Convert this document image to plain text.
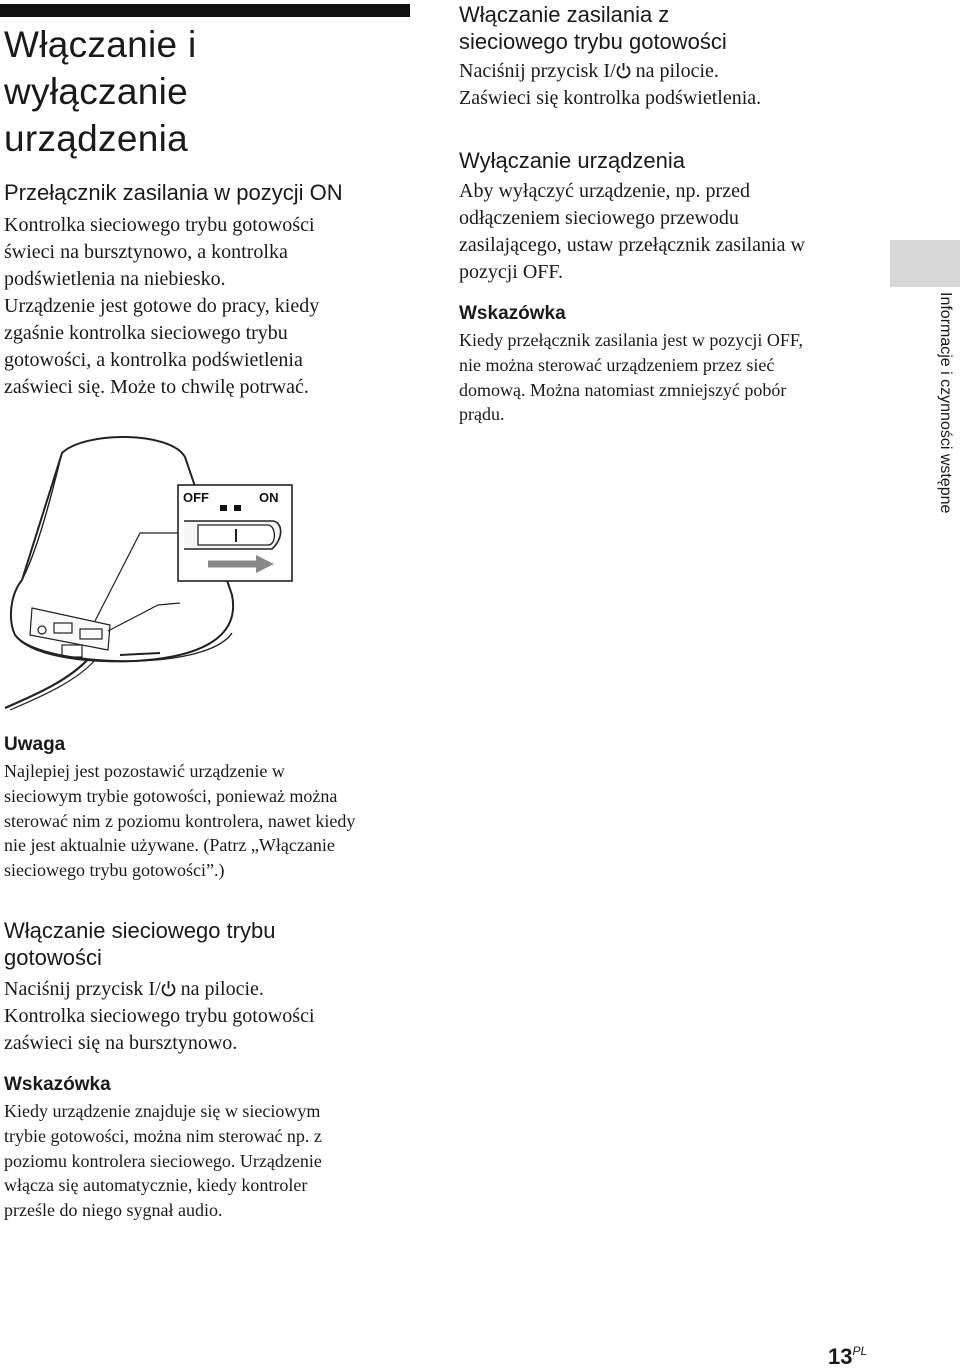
Włączanie i
wyłączanie
urządzenia
Przełącznik zasilania w pozycji ON
Kontrolka sieciowego trybu gotowości
świeci na bursztynowo, a kontrolka
podświetlenia na niebiesko.
Urządzenie jest gotowe do pracy, kiedy
zgaśnie kontrolka sieciowego trybu
gotowości, a kontrolka podświetlenia
zaświeci się. Może to chwilę potrwać.
OFF	ON
Uwaga
Najlepiej jest pozostawić urządzenie w
sieciowym trybie gotowości, ponieważ można
sterować nim z poziomu kontrolera, nawet kiedy
nie jest aktualnie używane. (Patrz „Włączanie
sieciowego trybu gotowości”.)
Włączanie sieciowego trybu
gotowości
Naciśnij przycisk I/ na pilocie.
Kontrolka sieciowego trybu gotowości
zaświeci się na bursztynowo.
Wskazówka
Kiedy urządzenie znajduje się w sieciowym
trybie gotowości, można nim sterować np. z
poziomu kontrolera sieciowego. Urządzenie
włącza się automatycznie, kiedy kontroler
prześle do niego sygnał audio.
Włączanie zasilania z
sieciowego trybu gotowości
Naciśnij przycisk I/ na pilocie.
Zaświeci się kontrolka podświetlenia.
Wyłączanie urządzenia
Aby wyłączyć urządzenie, np. przed
odłączeniem sieciowego przewodu
zasilającego, ustaw przełącznik zasilania w
pozycji OFF.
Wskazówka
Kiedy przełącznik zasilania jest w pozycji OFF,
nie można sterować urządzeniem przez sieć
domową. Można natomiast zmniejszyć pobór
prądu.	Informacje i czynności wstępne
$13^{PL}$
